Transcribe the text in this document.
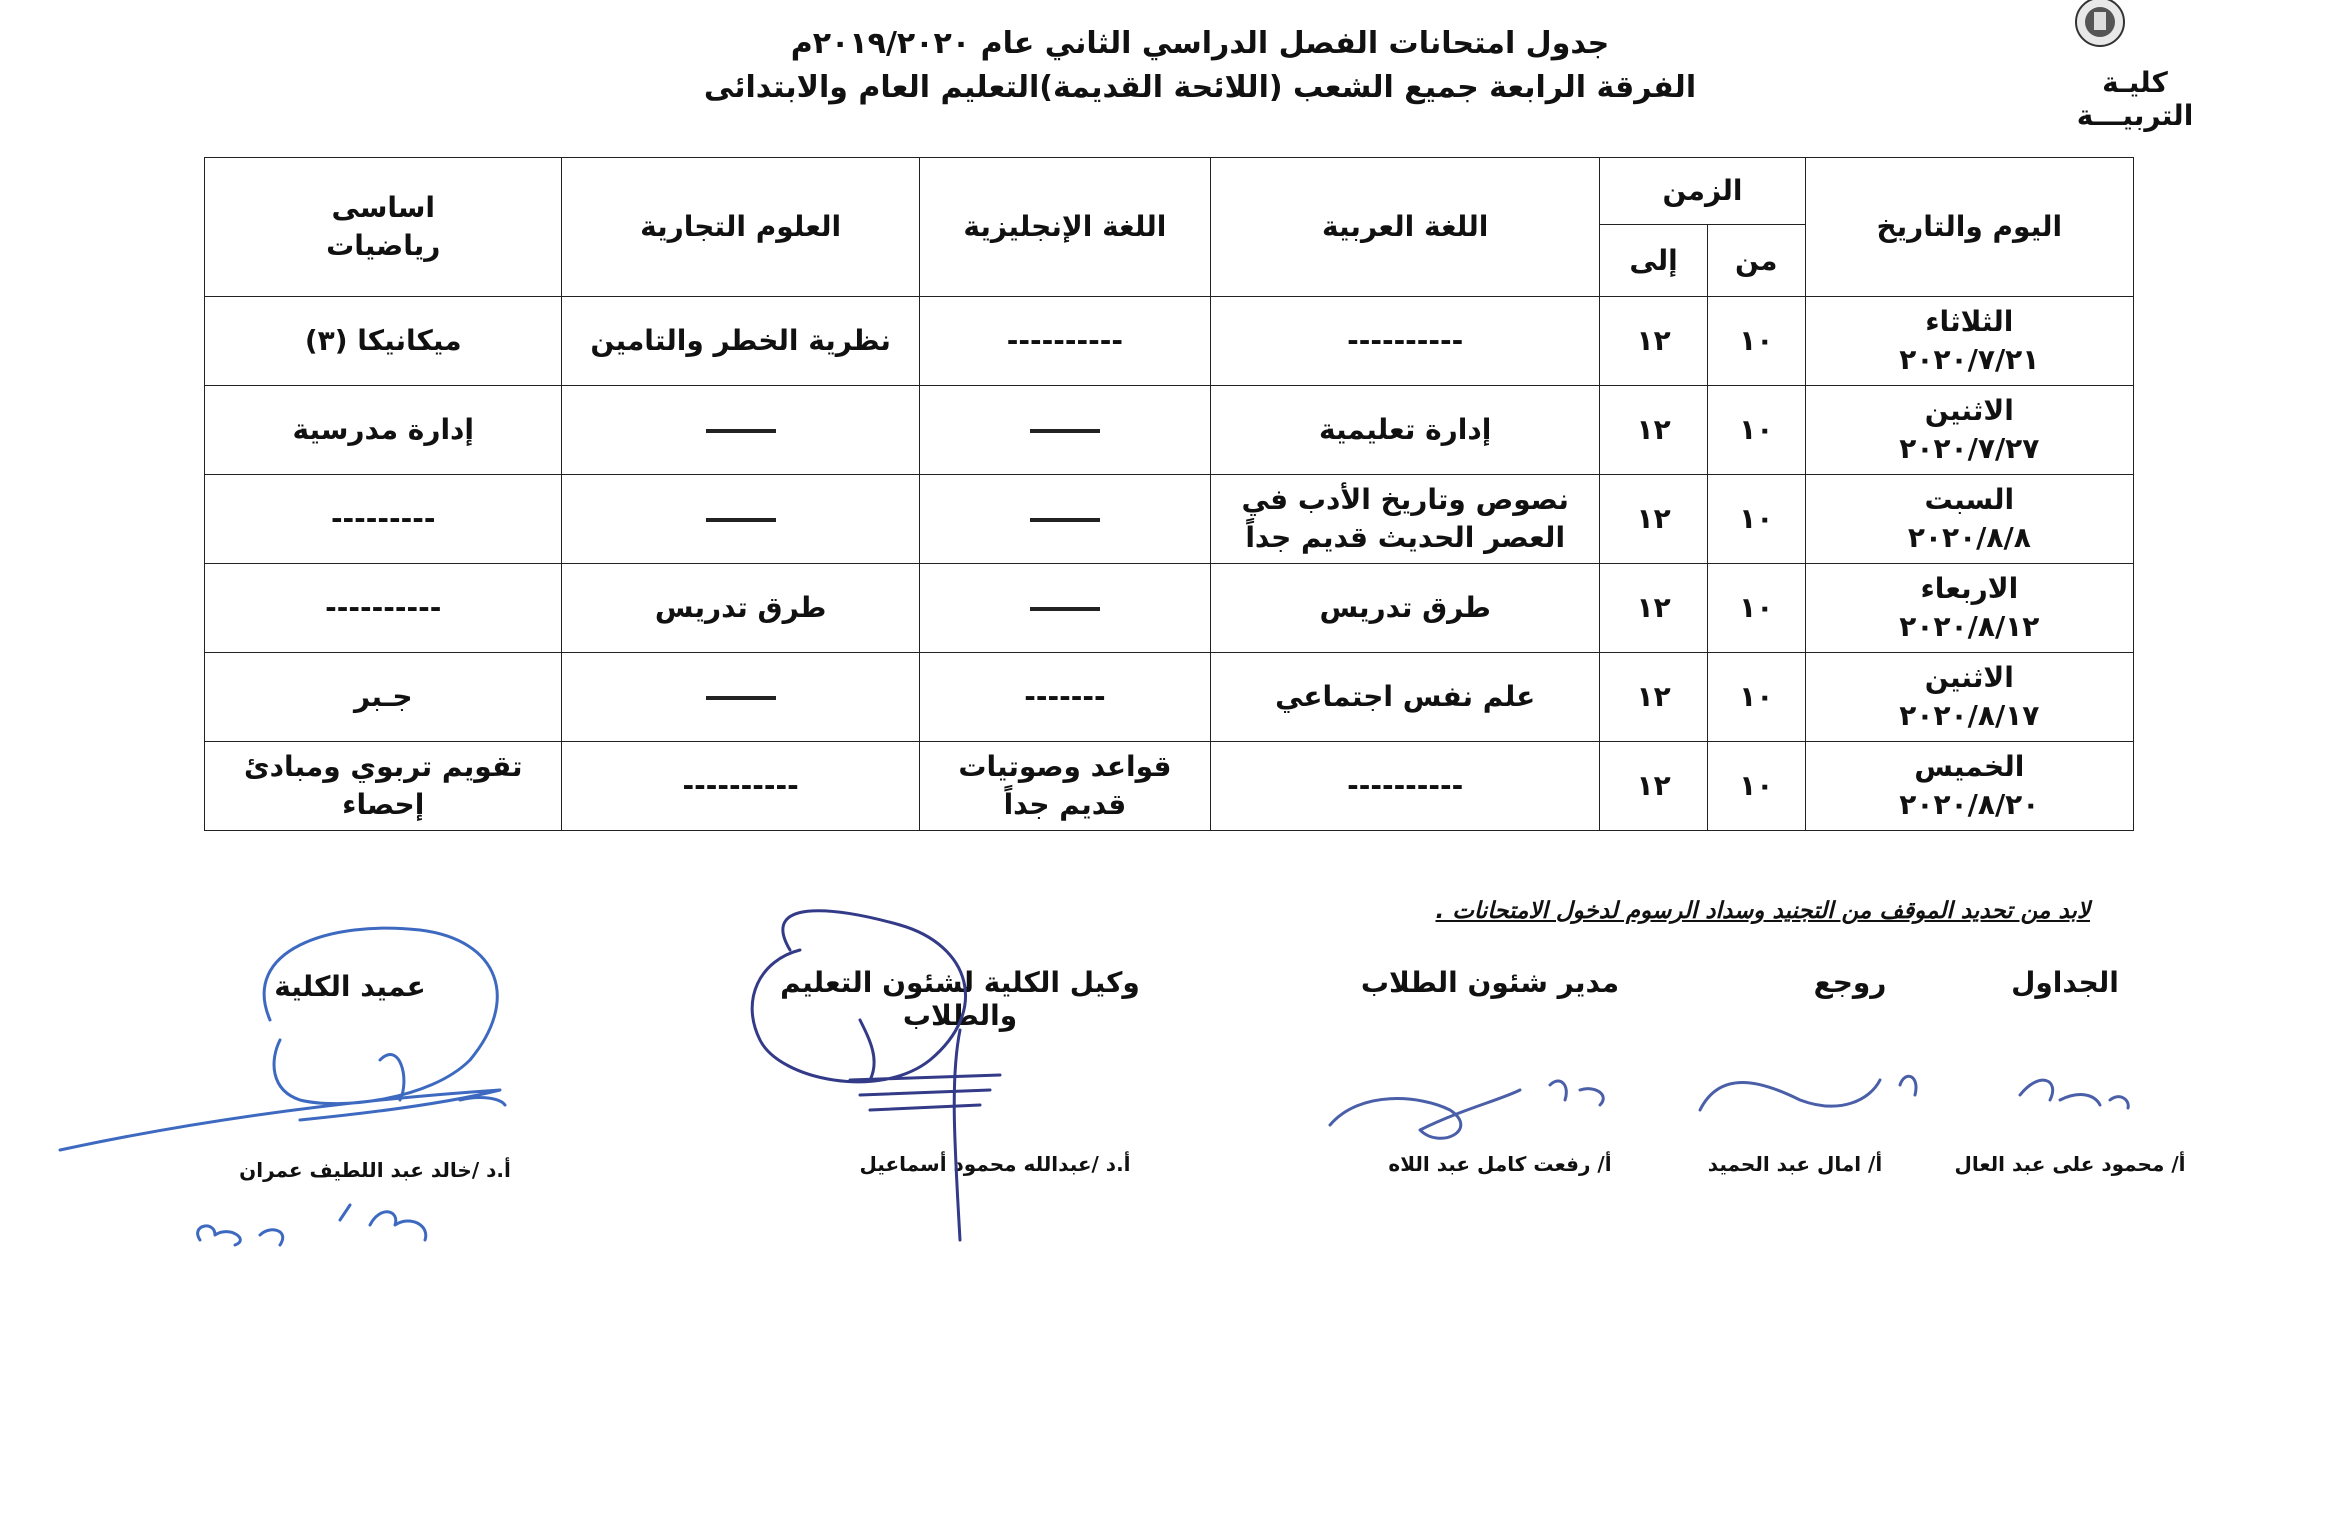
كليـة التربيـــة
جدول امتحانات الفصل الدراسي الثاني عام ٢٠١٩/٢٠٢٠م
الفرقة الرابعة جميع الشعب (اللائحة القديمة)التعليم العام والابتدائى
اليوم والتاريخ	الزمن		اللغة العربية	اللغة الإنجليزية	العلوم التجارية	اساسى
رياضيات

	من	إلى				

الثلاثاء
٢٠٢٠/٧/٢١	١٠	١٢	----------	----------	نظرية الخطر والتامين	ميكانيكا (٣)

الاثنين
٢٠٢٠/٧/٢٧	١٠	١٢	إدارة تعليمية			إدارة مدرسية

السبت
٢٠٢٠/٨/٨	١٠	١٢	نصوص وتاريخ الأدب في العصر الحديث قديم جداً			---------

الاربعاء
٢٠٢٠/٨/١٢	١٠	١٢	طرق تدريس		طرق تدريس	----------

الاثنين
٢٠٢٠/٨/١٧	١٠	١٢	علم نفس اجتماعي	-------		جـبر

الخميس
٢٠٢٠/٨/٢٠	١٠	١٢	----------	قواعد وصوتيات قديم جداً	----------	تقويم تربوي ومبادئ إحصاء
لابد من تحديد الموقف من التجنيد وسداد الرسوم لدخول الامتحانات .
الجداول
روجع
مدير شئون الطلاب
وكيل الكلية لشئون التعليم والطلاب
عميد الكلية
أ/ محمود على عبد العال
أ/ امال عبد الحميد
أ/ رفعت كامل عبد اللاه
أ.د /عبدالله محمود أسماعيل
أ.د /خالد عبد اللطيف عمران
